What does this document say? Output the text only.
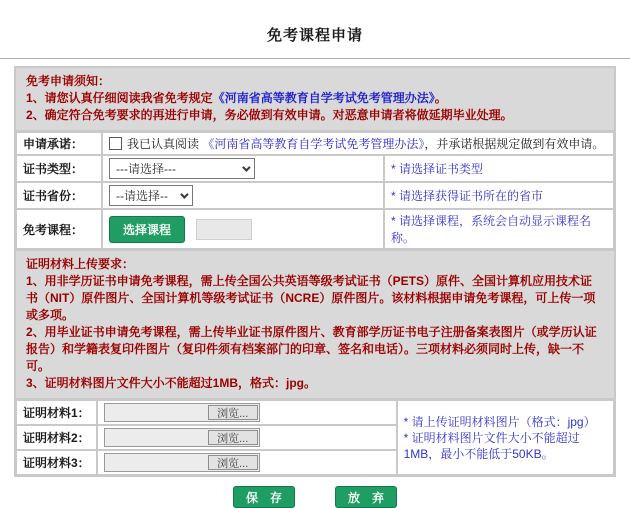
免考课程申请

免考申请须知：

1、请您认真仔细阅读我省免考规定《河南省高等教育自学考试免考管理办法》。

2、确定符合免考要求的再进行申请，务必做到有效申请。对恶意申请者将做延期毕业处理。

申请承诺：	我已认真阅读 《河南省高等教育自学考试免考管理办法》，并承诺根据规定做到有效申请。	
证书类型：	---请选择---	* 请选择证书类型
证书省份：	--请选择--	* 请选择获得证书所在的省市
免考课程：	选择课程	* 请选择课程，系统会自动显示课程名称。

证明材料上传要求：

1、用非学历证书申请免考课程，需上传全国公共英语等级考试证书（PETS）原件、全国计算机应用技术证书（NIT）原件图片、全国计算机等级考试证书（NCRE）原件图片。该材料根据申请免考课程，可上传一项或多项。

2、用毕业证书申请免考课程，需上传毕业证书原件图片、教育部学历证书电子注册备案表图片（或学历认证报告）和学籍表复印件图片（复印件须有档案部门的印章、签名和电话）。三项材料必须同时上传，缺一不可。

3、证明材料图片文件大小不能超过1MB，格式：jpg。

证明材料1：	浏览...	* 请上传证明材料图片（格式：jpg）
* 证明材料图片文件大小不能超过1MB，最小不能低于50KB。

证明材料2：	浏览...	

证明材料3：	浏览...	
保　存	放　弃
